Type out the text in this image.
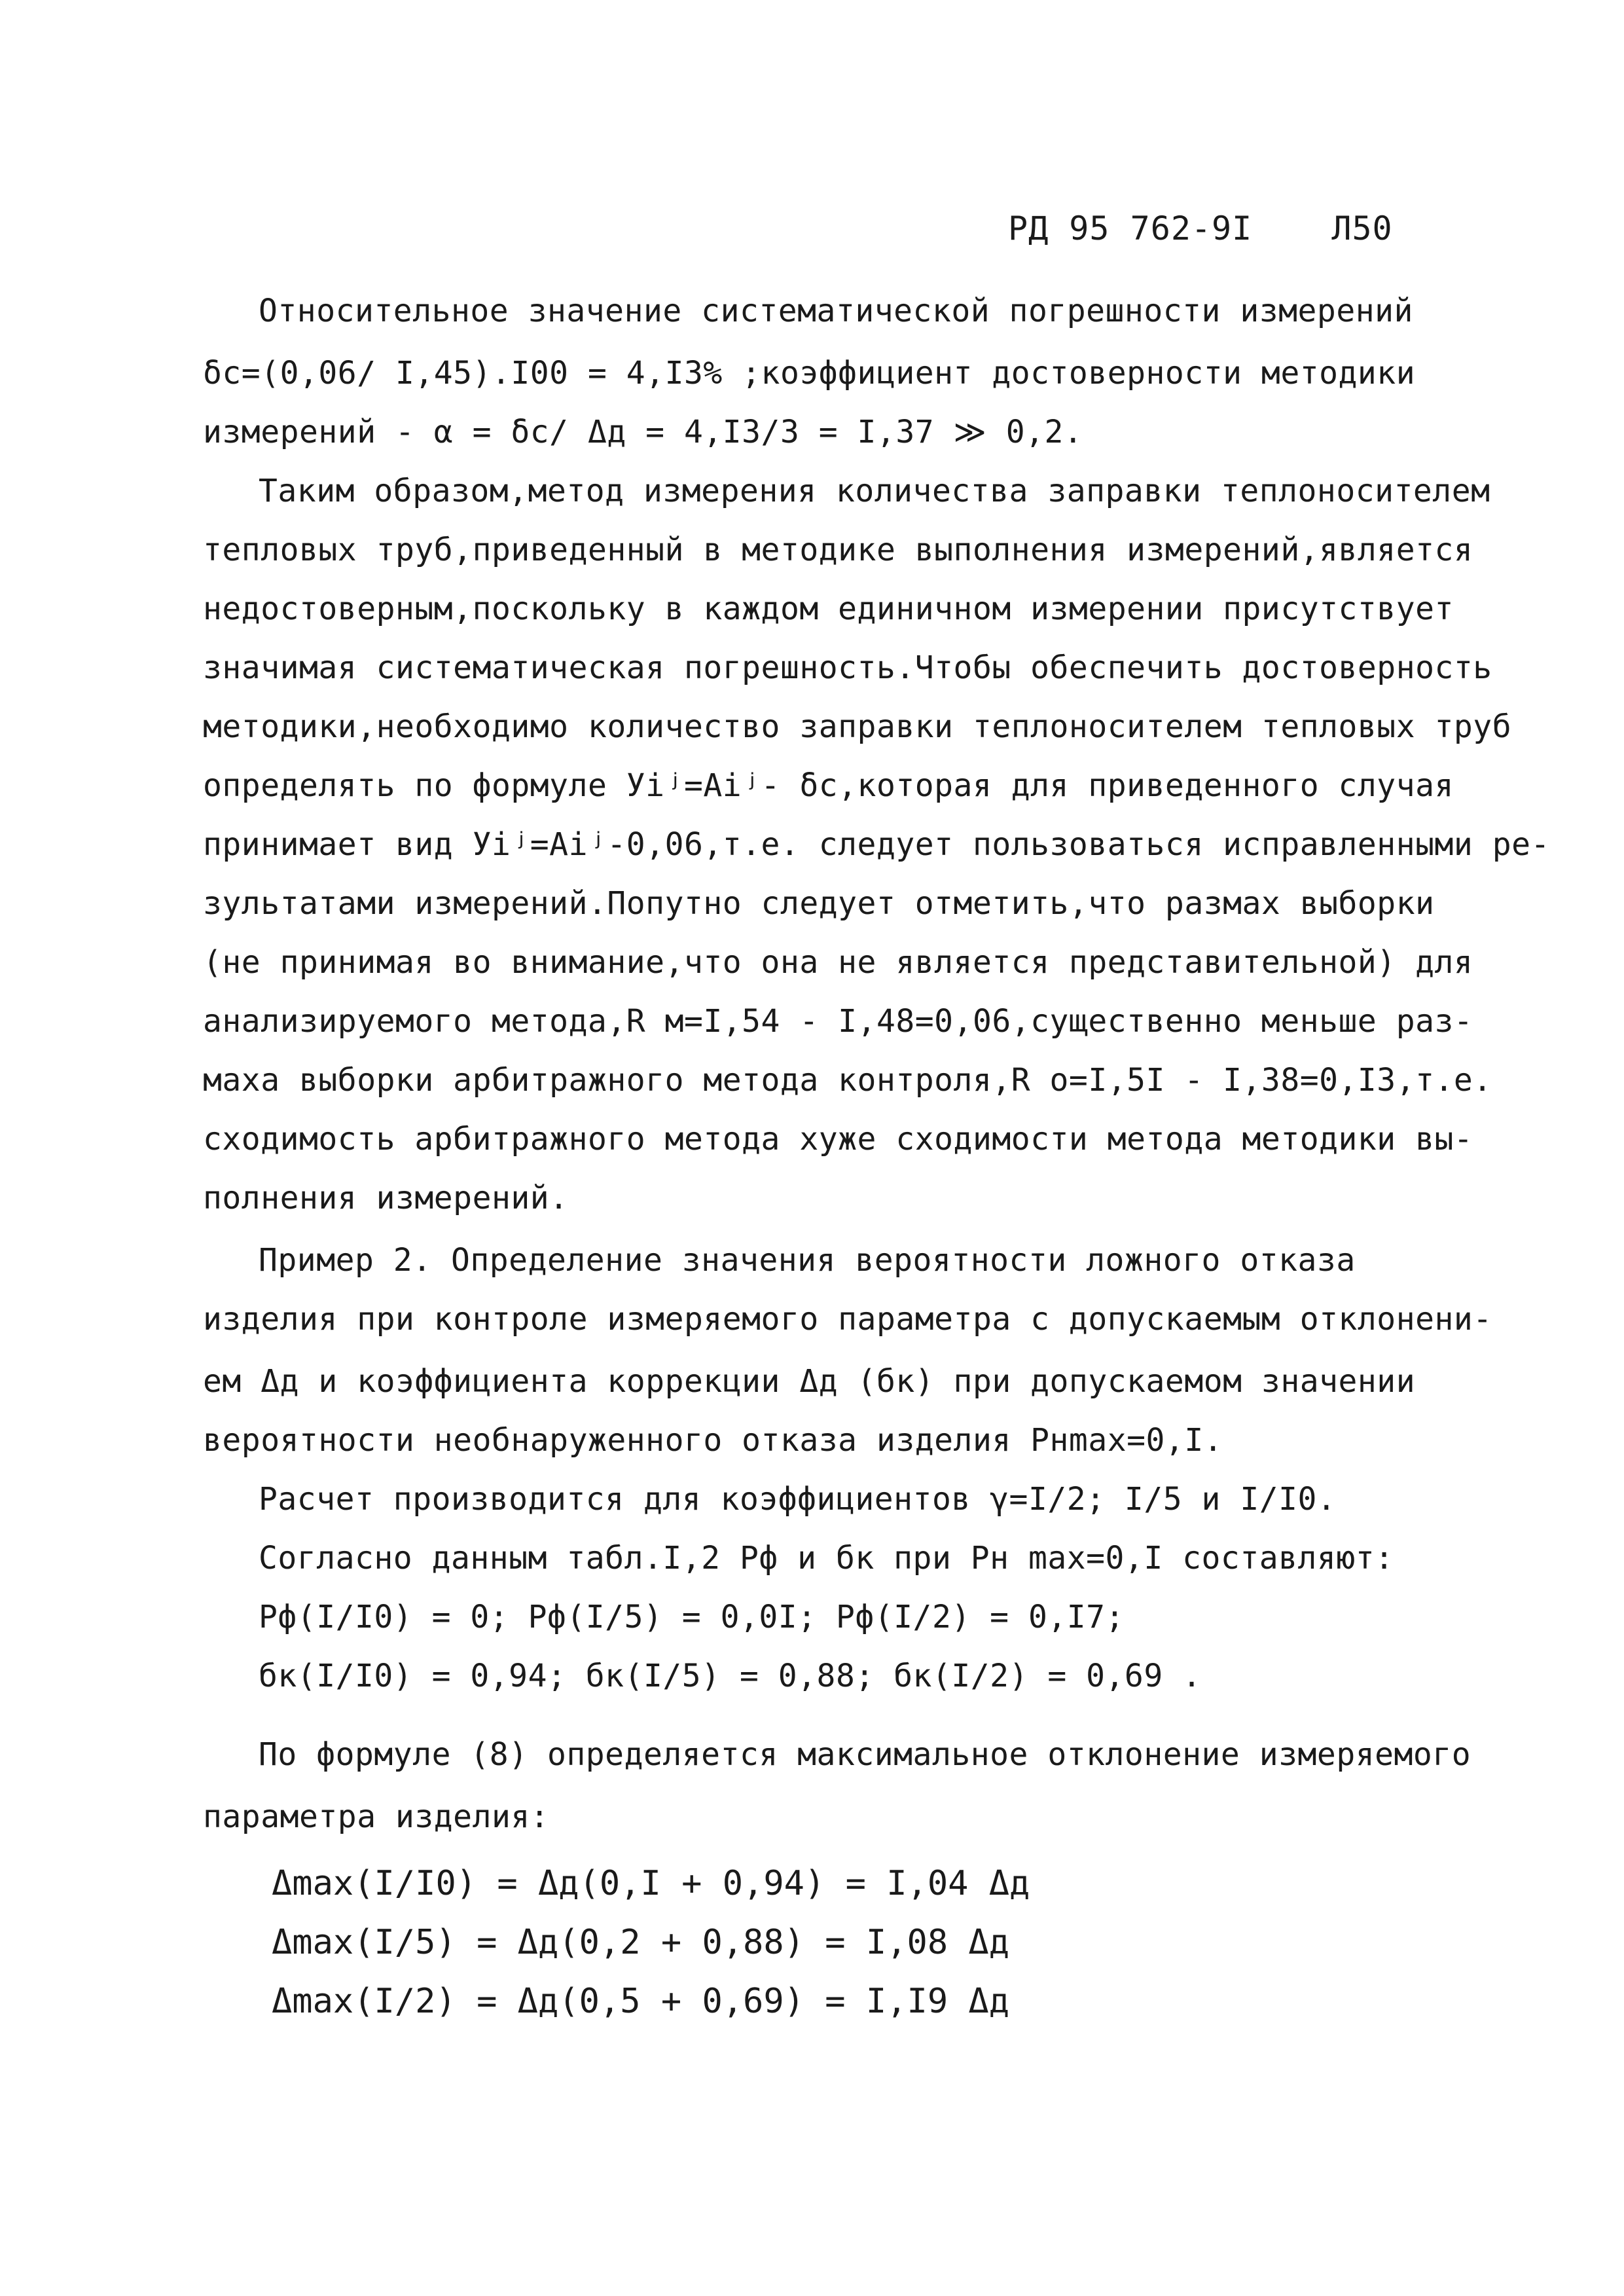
РД 95 762-9I Л50
Относительное значение систематической погрешности измерений
δс=(0,06/ I,45).I00 = 4,I3% ;коэффициент достоверности методики
измерений - α = δс/ Δд = 4,I3/3 = I,37 ≫ 0,2.
Таким образом,метод измерения количества заправки теплоносителем
тепловых труб,приведенный в методике выполнения измерений,является
недостоверным,поскольку в каждом единичном измерении присутствует
значимая систематическая погрешность.Чтобы обеспечить достоверность
методики,необходимо количество заправки теплоносителем тепловых труб
определять по формуле Уiʲ=Аiʲ- δс,которая для приведенного случая
принимает вид Уiʲ=Аiʲ-0,06,т.е. следует пользоваться исправленными ре-
зультатами измерений.Попутно следует отметить,что размах выборки
(не принимая во внимание,что она не является представительной) для
анализируемого метода,R м=I,54 - I,48=0,06,существенно меньше раз-
маха выборки арбитражного метода контроля,R о=I,5I - I,38=0,I3,т.е.
сходимость арбитражного метода хуже сходимости метода методики вы-
полнения измерений.
Пример 2. Определение значения вероятности ложного отказа
изделия при контроле измеряемого параметра с допускаемым отклонени-
ем Δд и коэффициента коррекции Δд (бк) при допускаемом значении
вероятности необнаруженного отказа изделия Pнmax=0,I.
Расчет производится для коэффициентов γ=I/2; I/5 и I/I0.
Согласно данным табл.I,2 Рф и бк при Рн max=0,I составляют:
Рф(I/I0) = 0; Рф(I/5) = 0,0I; Рф(I/2) = 0,I7;
бк(I/I0) = 0,94; бк(I/5) = 0,88; бк(I/2) = 0,69 .
По формуле (8) определяется максимальное отклонение измеряемого
параметра изделия:
Δmax(I/I0) = Δд(0,I + 0,94) = I,04 Δд
Δmax(I/5) = Δд(0,2 + 0,88) = I,08 Δд
Δmax(I/2) = Δд(0,5 + 0,69) = I,I9 Δд
